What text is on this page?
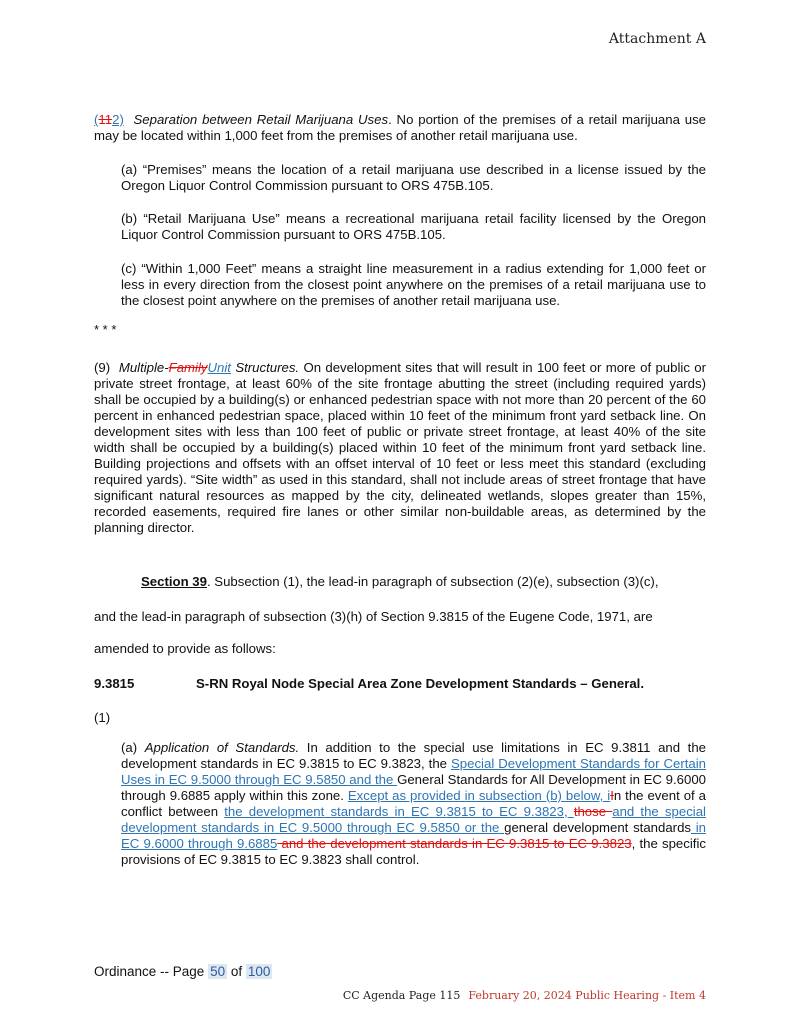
Attachment A
(112) Separation between Retail Marijuana Uses. No portion of the premises of a retail marijuana use may be located within 1,000 feet from the premises of another retail marijuana use.
(a) “Premises” means the location of a retail marijuana use described in a license issued by the Oregon Liquor Control Commission pursuant to ORS 475B.105.
(b) “Retail Marijuana Use” means a recreational marijuana retail facility licensed by the Oregon Liquor Control Commission pursuant to ORS 475B.105.
(c) “Within 1,000 Feet” means a straight line measurement in a radius extending for 1,000 feet or less in every direction from the closest point anywhere on the premises of a retail marijuana use to the closest point anywhere on the premises of another retail marijuana use.
* * *
(9) Multiple-FamilyUnit Structures. On development sites that will result in 100 feet or more of public or private street frontage, at least 60% of the site frontage abutting the street (including required yards) shall be occupied by a building(s) or enhanced pedestrian space with not more than 20 percent of the 60 percent in enhanced pedestrian space, placed within 10 feet of the minimum front yard setback line. On development sites with less than 100 feet of public or private street frontage, at least 40% of the site width shall be occupied by a building(s) placed within 10 feet of the minimum front yard setback line. Building projections and offsets with an offset interval of 10 feet or less meet this standard (excluding required yards). “Site width” as used in this standard, shall not include areas of street frontage that have significant natural resources as mapped by the city, delineated wetlands, slopes greater than 15%, recorded easements, required fire lanes or other similar non-buildable areas, as determined by the planning director.
Section 39. Subsection (1), the lead-in paragraph of subsection (2)(e), subsection (3)(c),
and the lead-in paragraph of subsection (3)(h) of Section 9.3815 of the Eugene Code, 1971, are
amended to provide as follows:
9.3815	S-RN Royal Node Special Area Zone Development Standards – General.
(1)
(a) Application of Standards. In addition to the special use limitations in EC 9.3811 and the development standards in EC 9.3815 to EC 9.3823, the Special Development Standards for Certain Uses in EC 9.5000 through EC 9.5850 and the General Standards for All Development in EC 9.6000 through 9.6885 apply within this zone. Except as provided in subsection (b) below, iIn the event of a conflict between the development standards in EC 9.3815 to EC 9.3823, those and the special development standards in EC 9.5000 through EC 9.5850 or the general development standards in EC 9.6000 through 9.6885 and the development standards in EC 9.3815 to EC 9.3823, the specific provisions of EC 9.3815 to EC 9.3823 shall control.
Ordinance -- Page 50 of 100
CC Agenda Page 115 February 20, 2024 Public Hearing - Item 4
